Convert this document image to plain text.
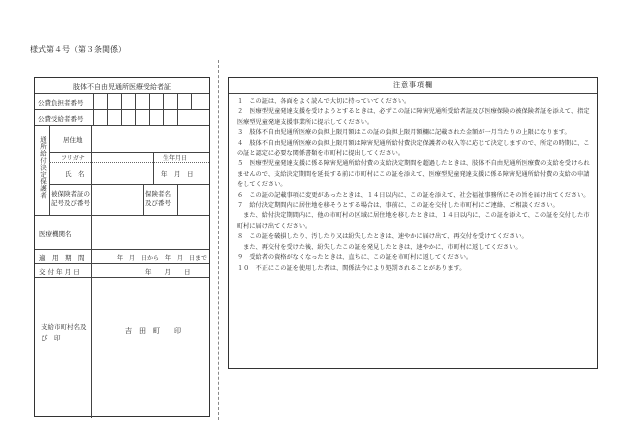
様式第４号（第３条関係）
肢体不自由児通所医療受給者証
公費負担者番号
公費受給者番号
通所給付決定保護者 居住地
フリガナ	生年月日
氏　名	年　月　日
被保険者証の記号及び番号
保険者名及び番号
医療機関名
適　用　期　間	年　月　日から　年　月　日まで
交 付 年 月 日	年　　月　　日
支給市町村名及　び　印
吉　田　町　　印
注意事項欄

１　この証は、各面をよく読んで大切に持っていてください。

２　医療型児童発達支援を受けようとするときは、必ずこの証に障害児通所受給者証及び医療保険の被保険者証を添えて、指定医療型児童発達支援事業所に提示してください。

３　肢体不自由児通所医療の負担上限月額はこの証の負担上限月額欄に記載された金額が一月当たりの上限になります。

４　肢体不自由児通所医療の負担上限月額は障害児通所給付費決定保護者の収入等に応じて決定しますので、所定の時期に、この証と認定に必要な関係書類を市町村に提出してください。

５　医療型児童発達支援に係る障害児通所給付費の支給決定期間を超過したときは、肢体不自由児通所医療費の支給を受けられませんので、支給決定期間を延長する前に市町村にこの証を添えて、医療型児童発達支援に係る障害児通所給付費の支給の申請をしてください。

６　この証の記載事項に変更があったときは、１４日以内に、この証を添えて、社会福祉事務所にその旨を届け出てください。

７　給付決定期間内に居住地を移そうとする場合は、事前に、この証を交付した市町村にご連絡、ご相談ください。

　また、給付決定期間内に、他の市町村の区域に居住地を移したときは、１４日以内に、この証を添えて、この証を交付した市町村に届け出てください。

８　この証を破損したり、汚したり又は紛失したときは、速やかに届け出て、再交付を受けてください。

　また、再交付を受けた後、紛失したこの証を発見したときは、速やかに、市町村に返してください。

９　受給者の資格がなくなったときは、直ちに、この証を市町村に返してください。

１０　不正にこの証を使用した者は、関係法令により処罰されることがあります。
